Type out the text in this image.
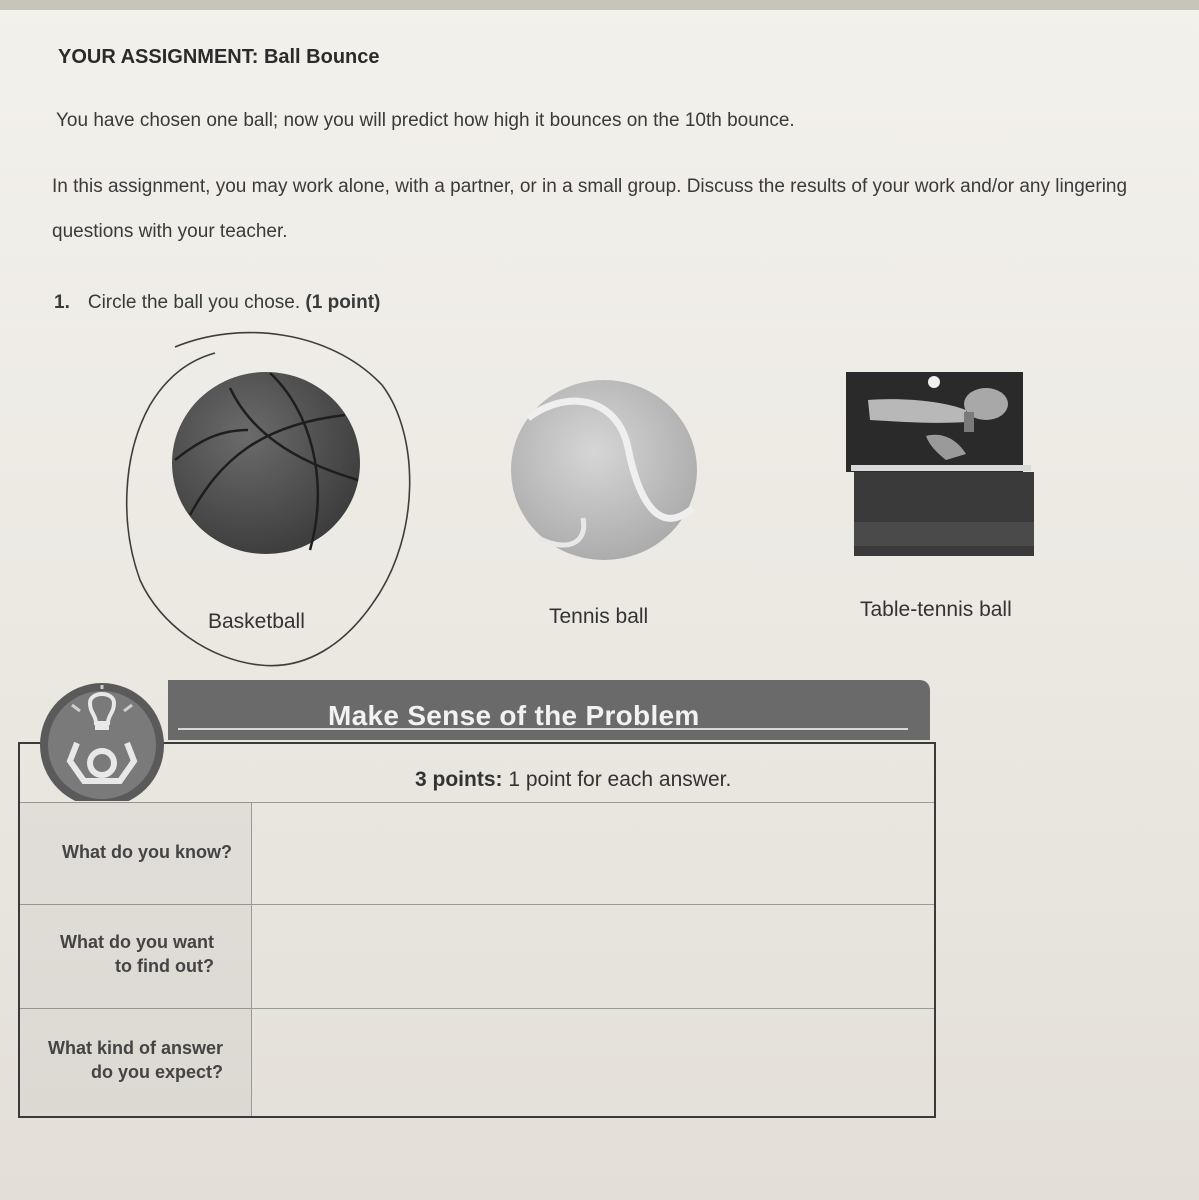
YOUR ASSIGNMENT: Ball Bounce
You have chosen one ball; now you will predict how high it bounces on the 10th bounce.
In this assignment, you may work alone, with a partner, or in a small group. Discuss the results of your work and/or any lingering questions with your teacher.
1. Circle the ball you chose. (1 point)
Basketball	Tennis ball	Table-tennis ball
Make Sense of the Problem
3 points: 1 point for each answer.
What do you know?
What do you want
to find out?
What kind of answer
do you expect?
